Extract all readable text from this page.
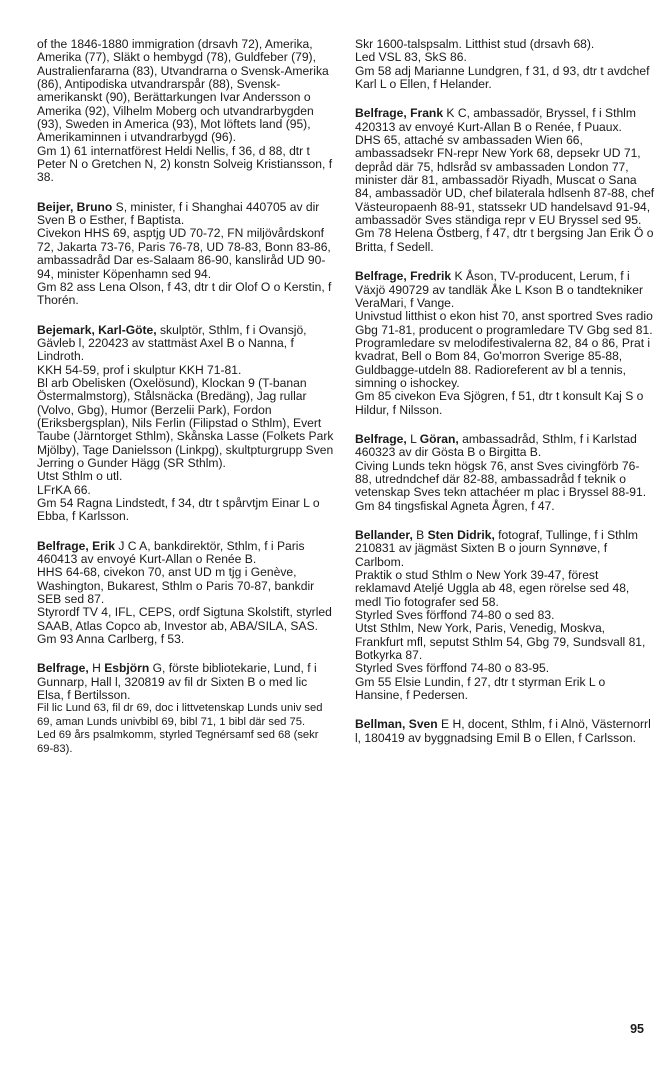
of the 1846-1880 immigration (drsavh 72), Amerika, Amerika (77), Släkt o hembygd (78), Guldfeber (79), Australienfararna (83), Utvandrarna o Svensk-Amerika (86), Antipodiska utvandrarspår (88), Svensk-amerikanskt (90), Berättarkungen Ivar Andersson o Amerika (92), Vilhelm Moberg och utvandrarbygden (93), Sweden in America (93), Mot löftets land (95), Amerikaminnen i utvandrarbygd (96).

Gm 1) 61 internatförest Heldi Nellis, f 36, d 88, dtr t Peter N o Gretchen N, 2) konstn Solveig Kristiansson, f 38.

Beijer, Bruno S, minister, f i Shanghai 440705 av dir Sven B o Esther, f Baptista.

Civekon HHS 69, asptjg UD 70-72, FN miljövårdskonf 72, Jakarta 73-76, Paris 76-78, UD 78-83, Bonn 83-86, ambassadråd Dar es-Salaam 86-90, kanslіråd UD 90-94, minister Köpenhamn sed 94.

Gm 82 ass Lena Olson, f 43, dtr t dir Olof O o Kerstin, f Thorén.

Bejemark, Karl-Göte, skulptör, Sthlm, f i Ovansjö, Gävleb l, 220423 av stattmäst Axel B o Nanna, f Lindroth.

KKH 54-59, prof i skulptur KKH 71-81.

Bl arb Obelisken (Oxelösund), Klockan 9 (T-banan Östermalmstorg), Stålsnäcka (Bredäng), Jag rullar (Volvo, Gbg), Humor (Berzelii Park), Fordon (Eriksbergsplan), Nils Ferlin (Filipstad o Sthlm), Evert Taube (Järntorget Sthlm), Skånska Lasse (Folkets Park Mjölby), Tage Danielsson (Linkpg), skultpturgrupp Sven Jerring o Gunder Hägg (SR Sthlm).

Utst Sthlm o utl.

LFrKA 66.

Gm 54 Ragna Lindstedt, f 34, dtr t spårvtjm Einar L o Ebba, f Karlsson.

Belfrage, Erik J C A, bankdirektör, Sthlm, f i Paris 460413 av envoyé Kurt-Allan o Renée B.

HHS 64-68, civekon 70, anst UD m tjg i Genève, Washington, Bukarest, Sthlm o Paris 70-87, bankdir SEB sed 87.

Styrordf TV 4, IFL, CEPS, ordf Sigtuna Skolstift, styrled SAAB, Atlas Copco ab, Investor ab, ABA/SILA, SAS.

Gm 93 Anna Carlberg, f 53.

Belfrage, H Esbjörn G, förste bibliotekarie, Lund, f i Gunnarp, Hall l, 320819 av fil dr Sixten B o med lic Elsa, f Bertilsson.

Fil lic Lund 63, fil dr 69, doc i littvetenskap Lunds univ sed 69, aman Lunds univbibl 69, bibl 71, 1 bibl där sed 75.

Led 69 års psalmkomm, styrled Tegnérsamf sed 68 (sekr 69-83).

Skr 1600-talspsalm. Litthist stud (drsavh 68).

Led VSL 83, SkS 86.

Gm 58 adj Marianne Lundgren, f 31, d 93, dtr t avdchef Karl L o Ellen, f Helander.

Belfrage, Frank K C, ambassadör, Bryssel, f i Sthlm 420313 av envoyé Kurt-Allan B o Renée, f Puaux.

DHS 65, attaché sv ambassaden Wien 66, ambassadsekr FN-repr New York 68, depsekr UD 71, depråd där 75, hdlsråd sv ambassaden London 77, minister där 81, ambassadör Riyadh, Muscat o Sana 84, ambassadör UD, chef bilaterala hdlsenh 87-88, chef Västeuropaenh 88-91, statssekr UD handelsavd 91-94, ambassadör Sves ständiga repr v EU Bryssel sed 95.

Gm 78 Helena Östberg, f 47, dtr t bergsing Jan Erik Ö o Britta, f Sedell.

Belfrage, Fredrik K Åson, TV-producent, Lerum, f i Växjö 490729 av tandläk Åke L Kson B o tandtekniker VeraMari, f Vange.

Univstud litthist o ekon hist 70, anst sportred Sves radio Gbg 71-81, producent o programledare TV Gbg sed 81. Programledare sv melodifestivalerna 82, 84 o 86, Prat i kvadrat, Bell o Bom 84, Go'morron Sverige 85-88, Guldbagge-utdeln 88. Radioreferent av bl a tennis, simning o ishockey.

Gm 85 civekon Eva Sjögren, f 51, dtr t konsult Kaj S o Hildur, f Nilsson.

Belfrage, L Göran, ambassadråd, Sthlm, f i Karlstad 460323 av dir Gösta B o Birgitta B.

Civing Lunds tekn högsk 76, anst Sves civingförb 76-88, utredndchef där 82-88, ambassadråd f teknik o vetenskap Sves tekn attachéer m plac i Bryssel 88-91.

Gm 84 tingsfiskal Agneta Ågren, f 47.

Bellander, B Sten Didrik, fotograf, Tullinge, f i Sthlm 210831 av jägmäst Sixten B o journ Synnøve, f Carlbom.

Praktik o stud Sthlm o New York 39-47, förest reklamavd Ateljé Uggla ab 48, egen rörelse sed 48, medl Tio fotografer sed 58.

Styrled Sves förffond 74-80 o sed 83.

Utst Sthlm, New York, Paris, Venedig, Moskva, Frankfurt mfl, seputst Sthlm 54, Gbg 79, Sundsvall 81, Botkyrka 87.

Styrled Sves förffond 74-80 o 83-95.

Gm 55 Elsie Lundin, f 27, dtr t styrman Erik L o Hansine, f Pedersen.

Bellman, Sven E H, docent, Sthlm, f i Alnö, Västernorrl l, 180419 av byggnadsing Emil B o Ellen, f Carlsson.

95
